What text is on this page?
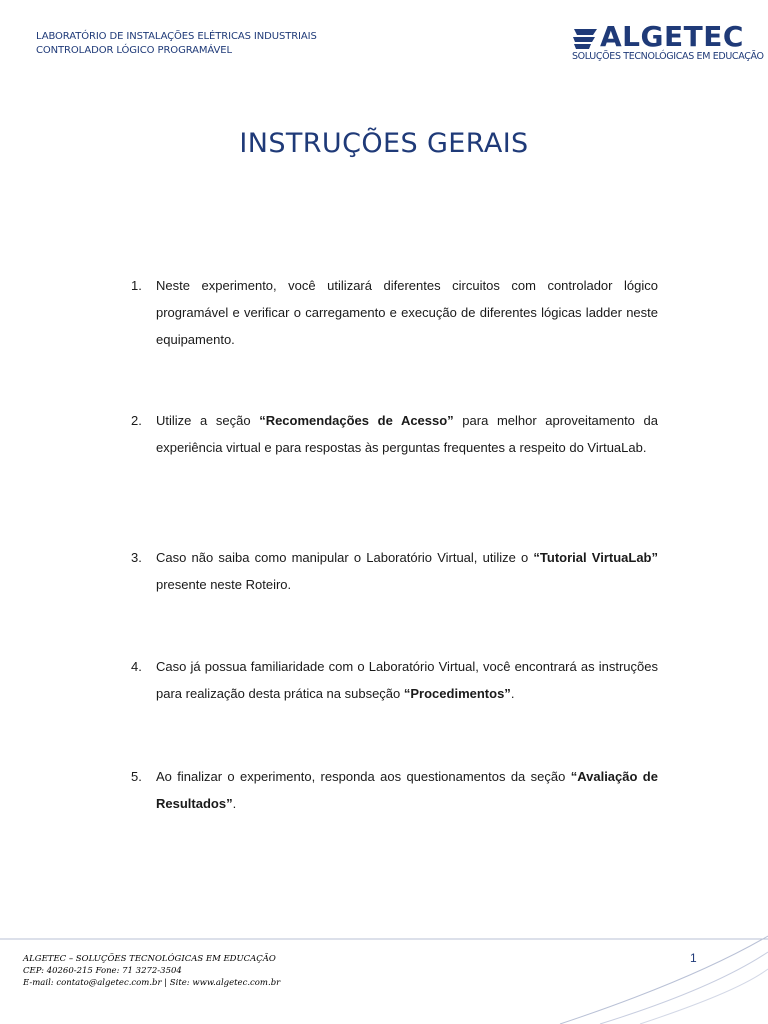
LABORATÓRIO DE INSTALAÇÕES ELÉTRICAS INDUSTRIAIS
CONTROLADOR LÓGICO PROGRAMÁVEL	ALGETEC
SOLUÇÕES TECNOLÓGICAS EM EDUCAÇÃO
INSTRUÇÕES GERAIS
1. Neste experimento, você utilizará diferentes circuitos com controlador lógico programável e verificar o carregamento e execução de diferentes lógicas ladder neste equipamento.
2. Utilize a seção “Recomendações de Acesso” para melhor aproveitamento da experiência virtual e para respostas às perguntas frequentes a respeito do VirtuaLab.
3. Caso não saiba como manipular o Laboratório Virtual, utilize o “Tutorial VirtuaLab” presente neste Roteiro.
4. Caso já possua familiaridade com o Laboratório Virtual, você encontrará as instruções para realização desta prática na subseção “Procedimentos”.
5. Ao finalizar o experimento, responda aos questionamentos da seção “Avaliação de Resultados”.
ALGETEC – SOLUÇÕES TECNOLÓGICAS EM EDUCAÇÃO
CEP: 40260-215 Fone: 71 3272-3504
E-mail: contato@algetec.com.br | Site: www.algetec.com.br
1
